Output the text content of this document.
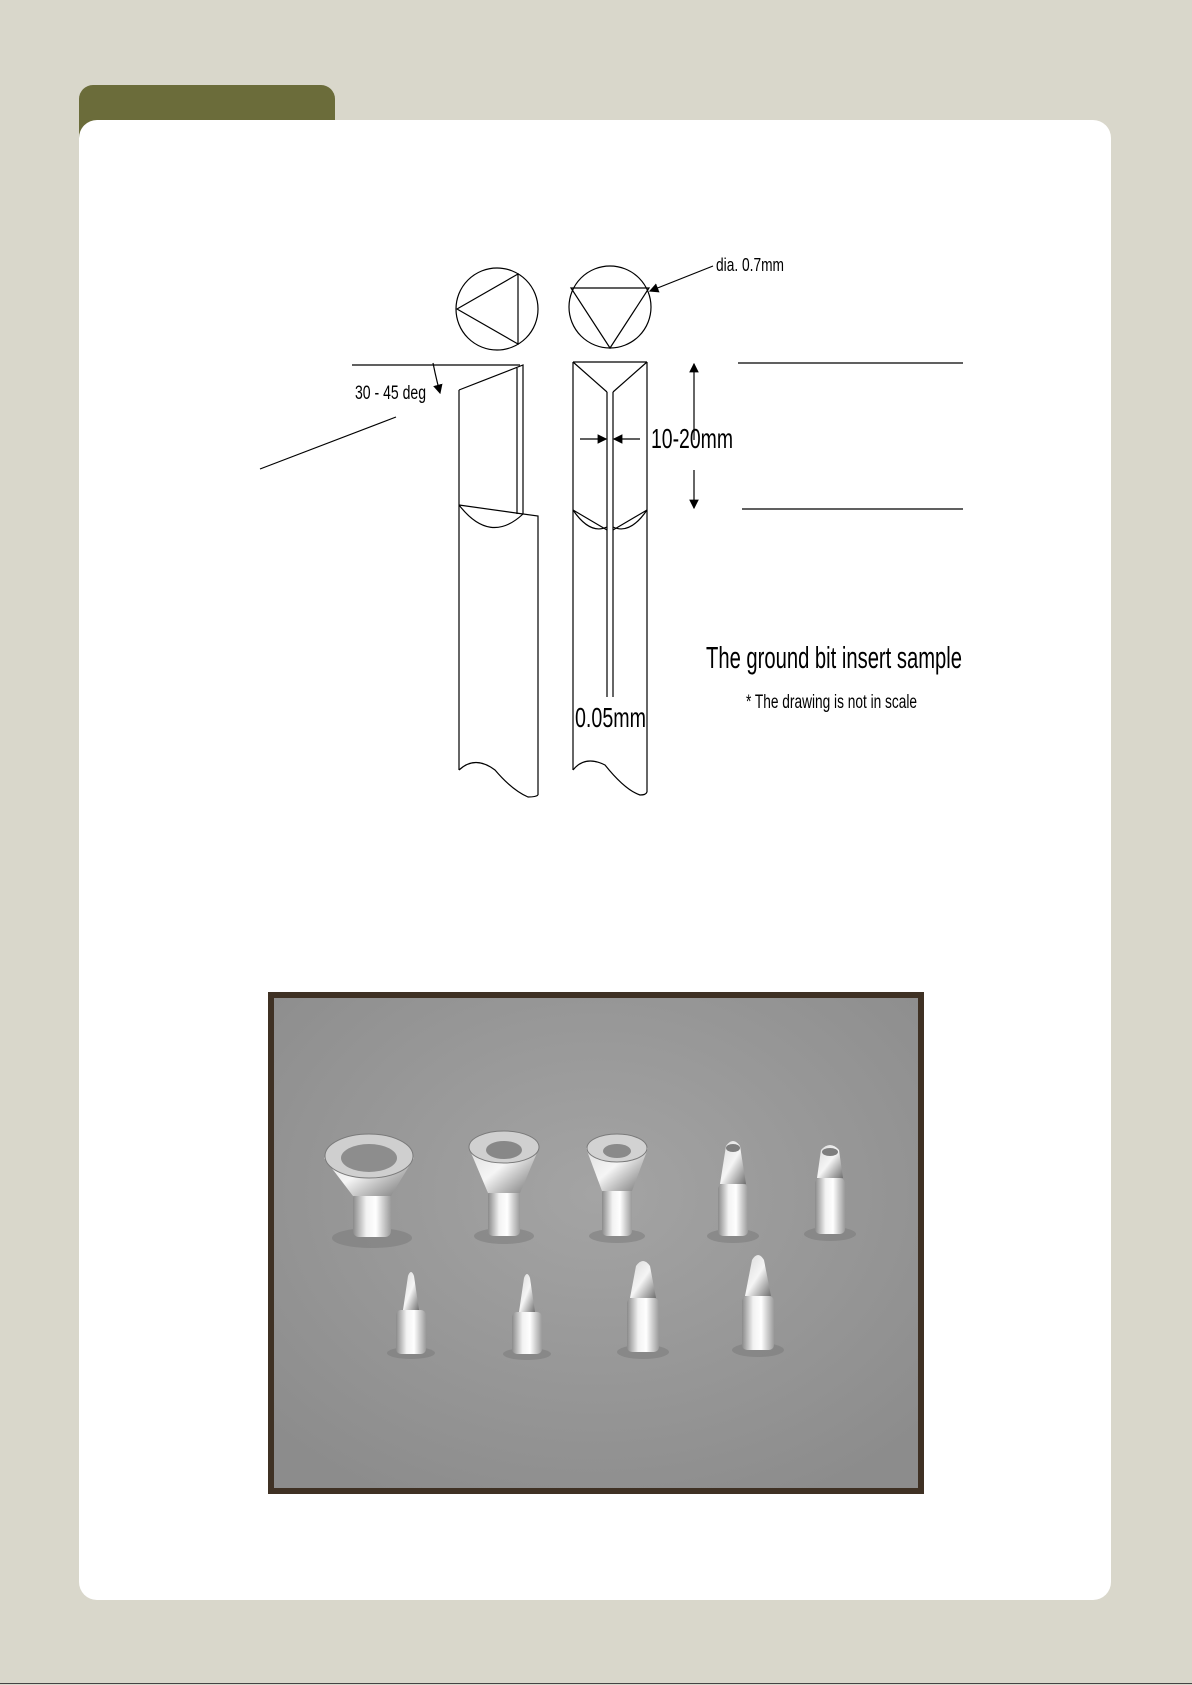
dia. 0.7mm
30 - 45 deg
10-20mm
0.05mm
The ground bit insert sample
* The drawing is not in scale
